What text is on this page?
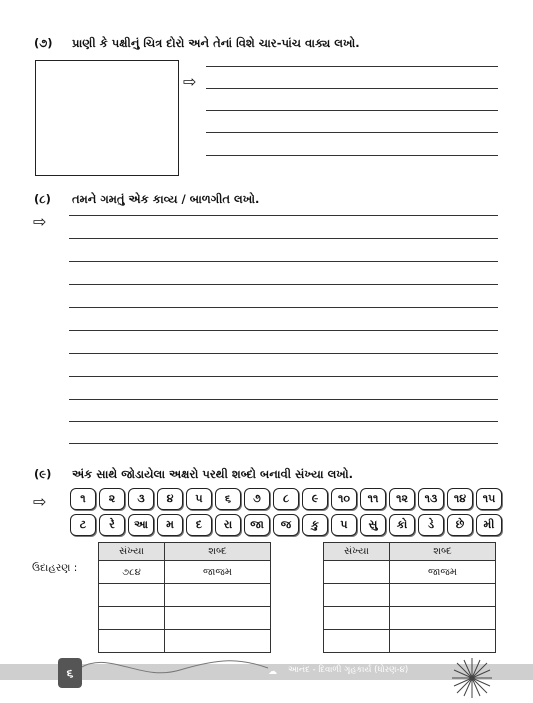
(૭) પ્રાણી કે પક્ષીનું ચિત્ર દોરો અને તેનાં વિશે ચાર-પાંચ વાક્ય લખો.
⇨
(૮) તમને ગમતું એક કાવ્ય / બાળગીત લખો.
⇨
(૯) અંક સાથે જોડાયેલા અક્ષરો પરથી શબ્દો બનાવી સંખ્યા લખો.
⇨	૧	૨	૩	૪	૫	૬	૭	૮	૯	૧૦	૧૧	૧૨	૧૩	૧૪	૧૫
ટ	રે	આ	મ	દ	રા	જા	જ	કુ	પ	સુ	કો	ડે	છે	મી
ઉદાહરણ :
સંખ્યા	શબ્દ
૭૮૪	જાજમ

સંખ્યા	શબ્દ
	જાજમ

૬	☁ આનંદ - દિવાળી ગૃહકાર્ય (ધોરણ-૪)
